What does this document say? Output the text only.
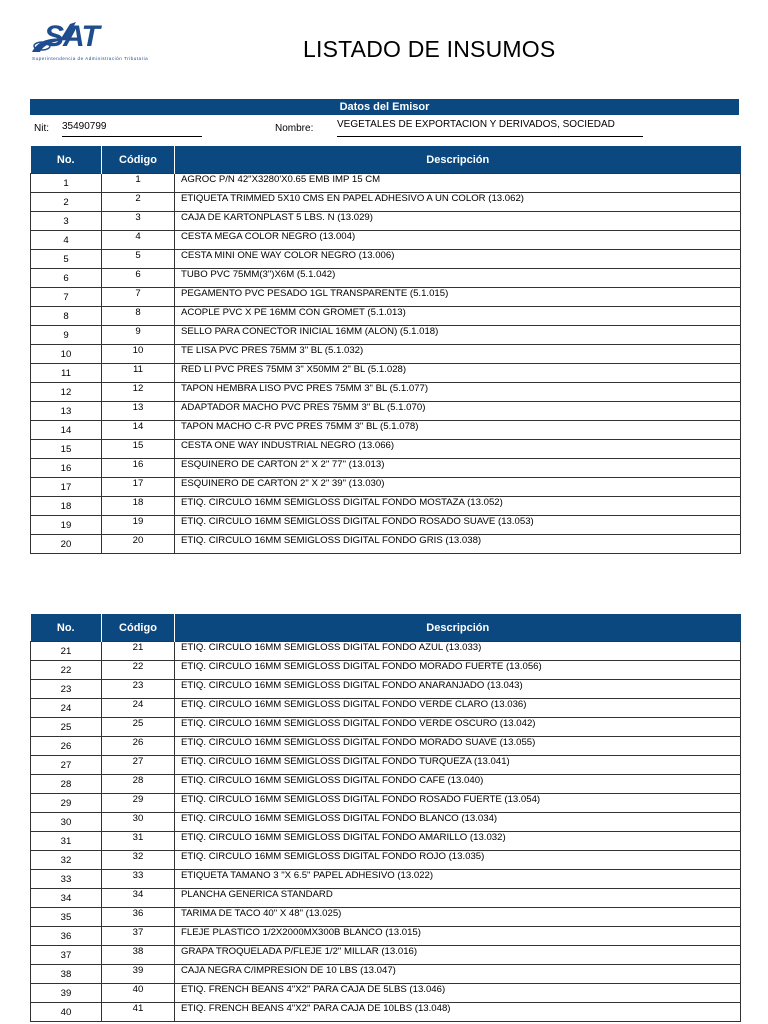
SAT
Superintendencia de Administración Tributaria	LISTADO DE INSUMOS
Datos del Emisor
Nit: 35490799	Nombre: VEGETALES DE EXPORTACION Y DERIVADOS, SOCIEDAD
No.	Código	Descripción
1	1	AGROC P/N 42"X3280'X0.65 EMB IMP 15 CM
2	2	ETIQUETA TRIMMED 5X10 CMS EN PAPEL ADHESIVO A UN COLOR (13.062)
3	3	CAJA DE KARTONPLAST 5 LBS. N (13.029)
4	4	CESTA MEGA COLOR NEGRO (13.004)
5	5	CESTA MINI ONE WAY COLOR NEGRO (13.006)
6	6	TUBO PVC 75MM(3")X6M (5.1.042)
7	7	PEGAMENTO PVC PESADO 1GL TRANSPARENTE (5.1.015)
8	8	ACOPLE PVC X PE 16MM CON GROMET (5.1.013)
9	9	SELLO PARA CONECTOR INICIAL 16MM (ALON) (5.1.018)
10	10	TE LISA PVC PRES 75MM 3" BL (5.1.032)
11	11	RED LI PVC PRES 75MM 3" X50MM 2" BL (5.1.028)
12	12	TAPON HEMBRA LISO PVC PRES 75MM 3" BL (5.1.077)
13	13	ADAPTADOR MACHO PVC PRES 75MM 3" BL (5.1.070)
14	14	TAPON MACHO C-R PVC PRES 75MM 3" BL (5.1.078)
15	15	CESTA ONE WAY INDUSTRIAL NEGRO (13.066)
16	16	ESQUINERO DE CARTON 2" X 2" 77" (13.013)
17	17	ESQUINERO DE CARTON 2" X 2" 39" (13.030)
18	18	ETIQ. CIRCULO 16MM SEMIGLOSS DIGITAL FONDO MOSTAZA (13.052)
19	19	ETIQ. CIRCULO 16MM SEMIGLOSS DIGITAL FONDO ROSADO SUAVE (13.053)
20	20	ETIQ. CIRCULO 16MM SEMIGLOSS DIGITAL FONDO GRIS (13.038)
No.	Código	Descripción
21	21	ETIQ. CIRCULO 16MM SEMIGLOSS DIGITAL FONDO AZUL (13.033)
22	22	ETIQ. CIRCULO 16MM SEMIGLOSS DIGITAL FONDO MORADO FUERTE (13.056)
23	23	ETIQ. CIRCULO 16MM SEMIGLOSS DIGITAL FONDO ANARANJADO (13.043)
24	24	ETIQ. CIRCULO 16MM SEMIGLOSS DIGITAL FONDO VERDE CLARO (13.036)
25	25	ETIQ. CIRCULO 16MM SEMIGLOSS DIGITAL FONDO VERDE OSCURO (13.042)
26	26	ETIQ. CIRCULO 16MM SEMIGLOSS DIGITAL FONDO MORADO SUAVE (13.055)
27	27	ETIQ. CIRCULO 16MM SEMIGLOSS DIGITAL FONDO TURQUEZA (13.041)
28	28	ETIQ. CIRCULO 16MM SEMIGLOSS DIGITAL FONDO CAFE (13.040)
29	29	ETIQ. CIRCULO 16MM SEMIGLOSS DIGITAL FONDO ROSADO FUERTE (13.054)
30	30	ETIQ. CIRCULO 16MM SEMIGLOSS DIGITAL FONDO BLANCO (13.034)
31	31	ETIQ. CIRCULO 16MM SEMIGLOSS DIGITAL FONDO AMARILLO (13.032)
32	32	ETIQ. CIRCULO 16MM SEMIGLOSS DIGITAL FONDO ROJO (13.035)
33	33	ETIQUETA TAMANO 3 "X 6.5" PAPEL ADHESIVO (13.022)
34	34	PLANCHA GENERICA STANDARD
35	36	TARIMA DE TACO 40" X 48" (13.025)
36	37	FLEJE PLASTICO 1/2X2000MX300B BLANCO (13.015)
37	38	GRAPA TROQUELADA P/FLEJE 1/2" MILLAR (13.016)
38	39	CAJA NEGRA C/IMPRESION DE 10 LBS (13.047)
39	40	ETIQ. FRENCH BEANS 4"X2" PARA CAJA DE 5LBS (13.046)
40	41	ETIQ. FRENCH BEANS 4"X2" PARA CAJA DE 10LBS (13.048)
